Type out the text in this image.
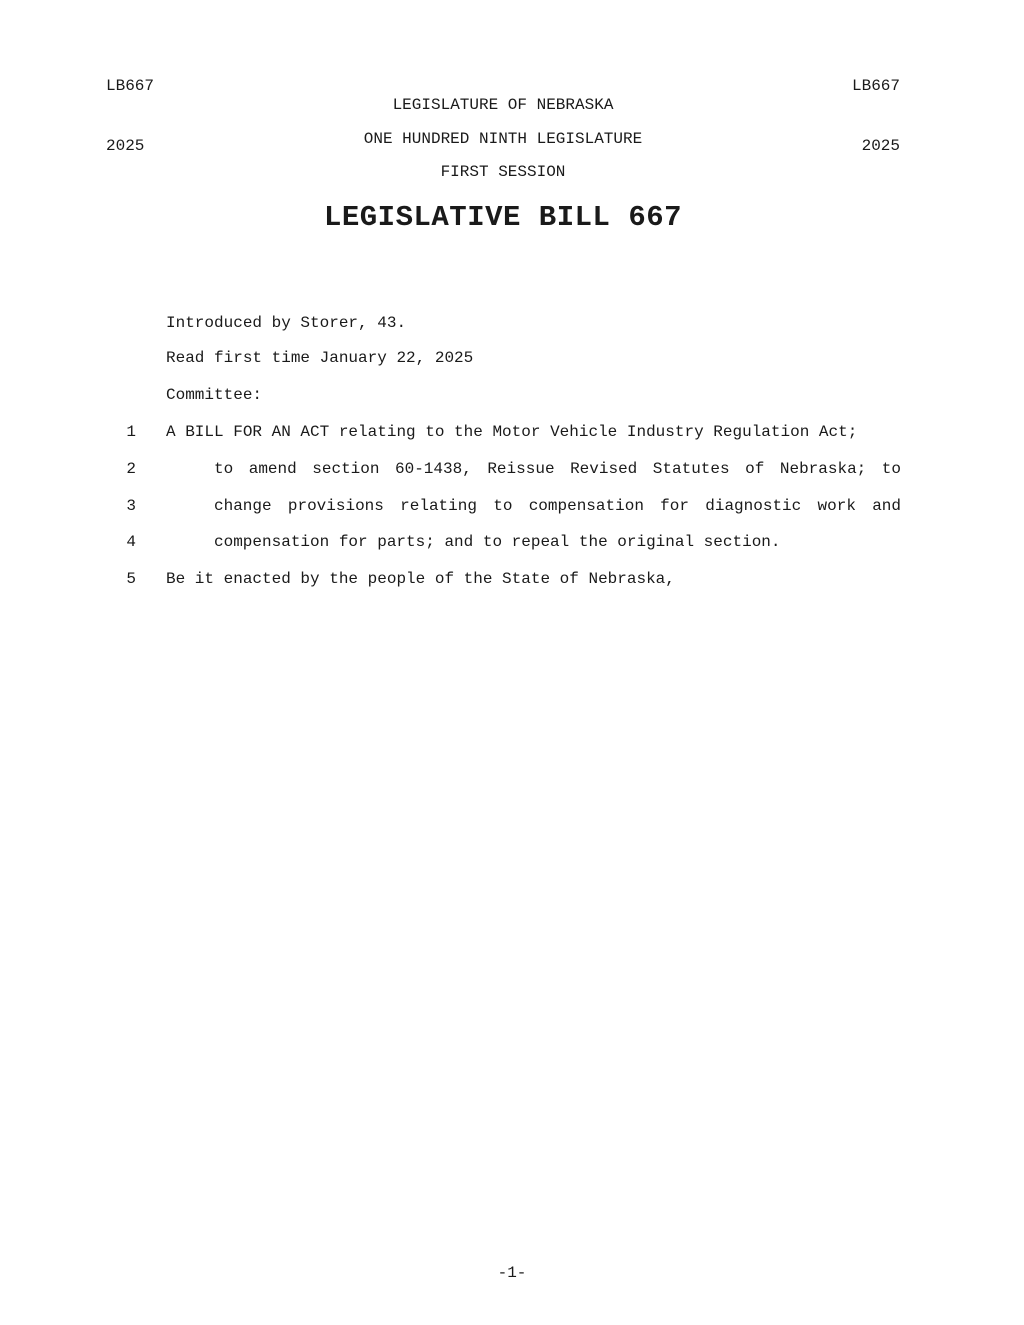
LB667

2025

LB667

2025

LEGISLATURE OF NEBRASKA
ONE HUNDRED NINTH LEGISLATURE
FIRST SESSION
LEGISLATIVE BILL 667
Introduced by Storer, 43.
Read first time January 22, 2025
Committee:
1 A BILL FOR AN ACT relating to the Motor Vehicle Industry Regulation Act;
2	to amend section 60-1438, Reissue Revised Statutes of Nebraska; to
3	change provisions relating to compensation for diagnostic work and
4	compensation for parts; and to repeal the original section.
5 Be it enacted by the people of the State of Nebraska,
-1-
